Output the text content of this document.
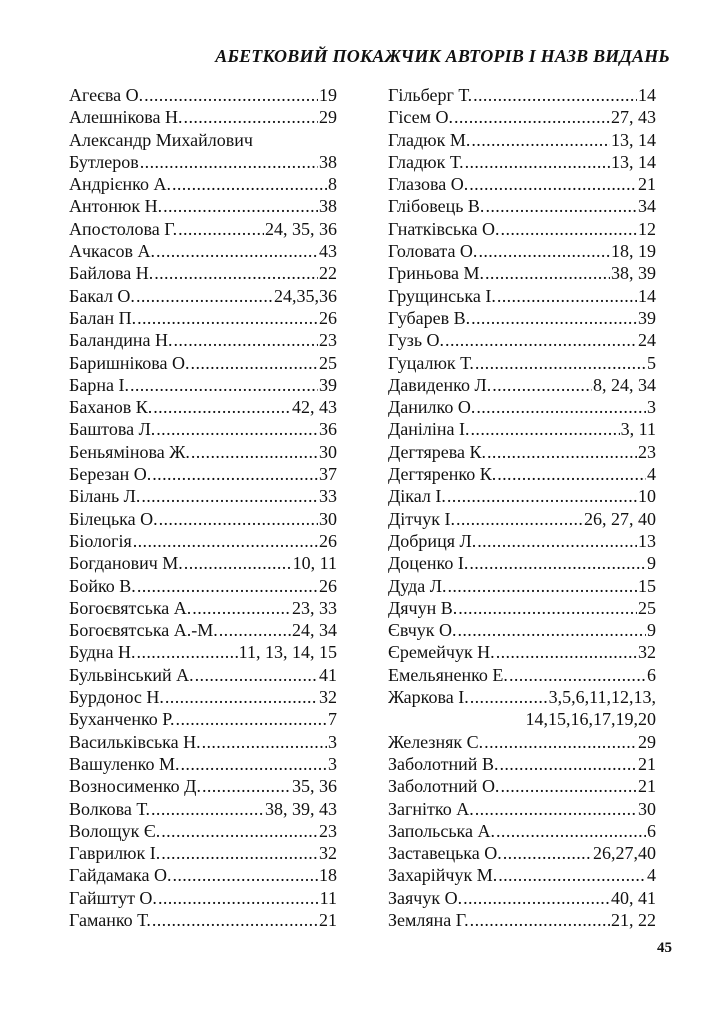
АБЕТКОВИЙ ПОКАЖЧИК АВТОРІВ І НАЗВ ВИДАНЬ
Агеєва О. .....	19
Алешнікова Н. .....	29
Александр Михайлович
Бутлеров .....	38
Андрієнко А. .....	8
Антонюк Н. .....	38
Апостолова Г. .....	24, 35, 36
Ачкасов А. .....	43
Байлова Н. .....	22
Бакал О. .....	24,35,36
Балан П. .....	26
Баландина Н. .....	23
Баришнікова О. .....	25
Барна І. .....	39
Баханов К. .....	42, 43
Баштова Л. .....	36
Беньямінова Ж. .....	30
Березан О. .....	37
Білань Л. .....	33
Білецька О. .....	30
Біологія .....	26
Богданович М. .....	10, 11
Бойко В. .....	26
Богоєвятська А. .....	23, 33
Богоєвятська А.-М. .....	24, 34
Будна Н. .....	11, 13, 14, 15
Бульвінський А. .....	41
Бурдонос Н. .....	32
Буханченко Р. .....	7
Васильківська Н. .....	3
Вашуленко М. .....	3
Возносименко Д. .....	35, 36
Волкова Т. .....	38, 39, 43
Волощук Є. .....	23
Гаврилюк І. .....	32
Гайдамака О. .....	18
Гайштут О. .....	11
Гаманко Т. .....	21
Гільберг Т. .....	14
Гісем О. .....	27, 43
Гладюк М. .....	13, 14
Гладюк Т. .....	13, 14
Глазова О. .....	21
Глібовець В. .....	34
Гнатківська О. .....	12
Головата О. .....	18, 19
Гриньова М. .....	38, 39
Грущинська І. .....	14
Губарев В. .....	39
Гузь О. .....	24
Гуцалюк Т. .....	5
Давиденко Л. .....	8, 24, 34
Данилко О. .....	3
Даніліна І. .....	3, 11
Дегтярева К. .....	23
Дегтяренко К. .....	4
Дікал І. .....	10
Дітчук І. .....	26, 27, 40
Добриця Л. .....	13
Доценко І. .....	9
Дуда Л. .....	15
Дячун В. .....	25
Євчук О. .....	9
Єремейчук Н. .....	32
Емельяненко Е. .....	6
Жаркова І. .....	3,5,6,11,12,13,
14,15,16,17,19,20
Железняк С. .....	29
Заболотний В. .....	21
Заболотний О. .....	21
Загнітко А. .....	30
Запольська А. .....	6
Заставецька О. .....	26,27,40
Захарійчук М. .....	4
Заячук О. .....	40, 41
Земляна Г. .....	21, 22
45
